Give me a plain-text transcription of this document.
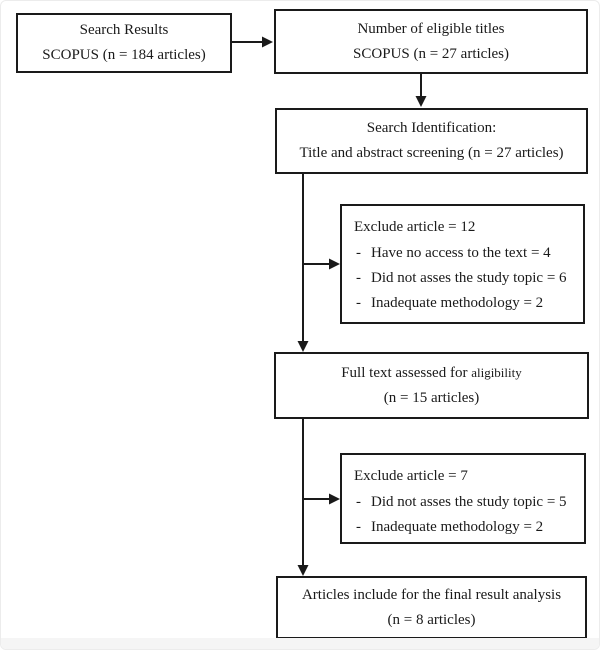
Search Results
SCOPUS (n = 184 articles)
Number of eligible titles
SCOPUS (n = 27 articles)
Search Identification:
Title and abstract screening (n = 27 articles)
Exclude article = 12
- Have no access to the text = 4
- Did not asses the study topic = 6
- Inadequate methodology = 2
Full text assessed for aligibility
(n = 15 articles)
Exclude article = 7
- Did not asses the study topic = 5
- Inadequate methodology = 2
Articles include for the final result analysis
(n = 8 articles)
